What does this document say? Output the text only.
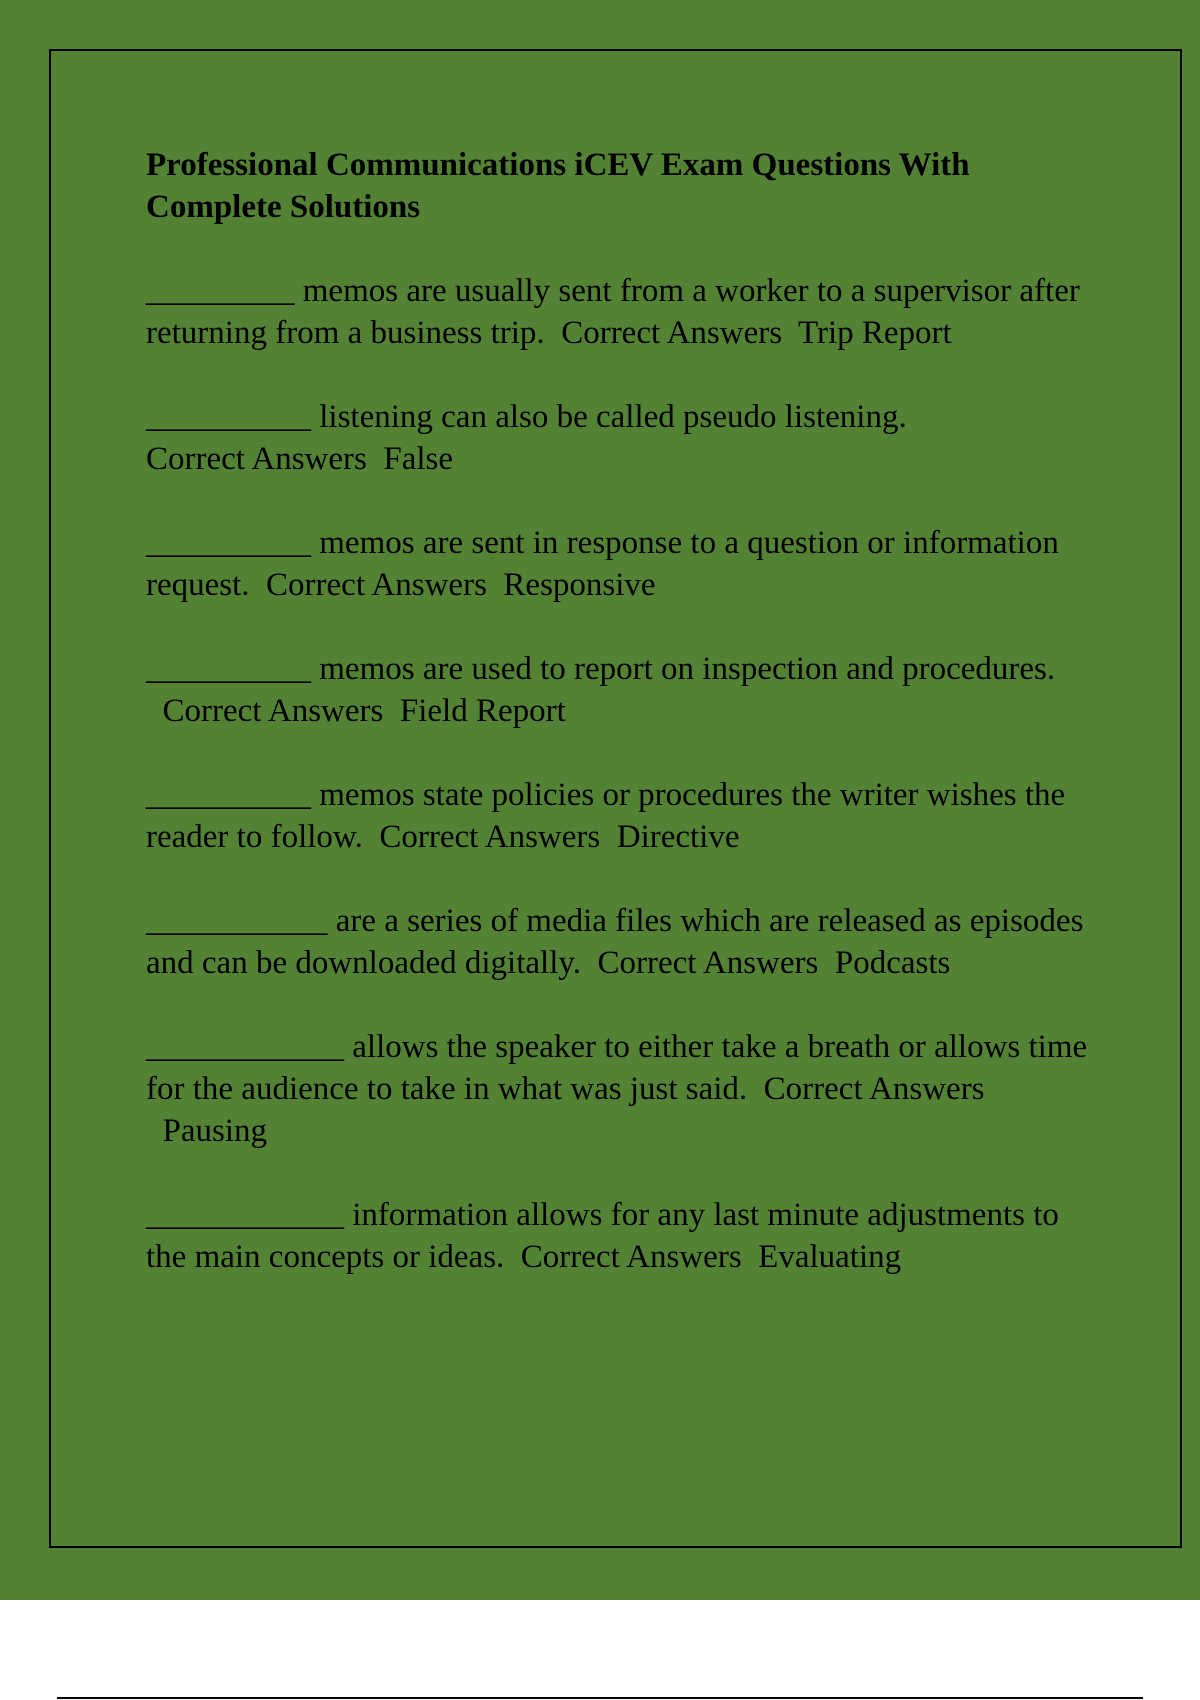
Professional Communications iCEV Exam Questions With Complete Solutions

_________ memos are usually sent from a worker to a supervisor after returning from a business trip. Correct Answers Trip Report

__________ listening can also be called pseudo listening.
Correct Answers False

__________ memos are sent in response to a question or information request. Correct Answers Responsive

__________ memos are used to report on inspection and procedures.  Correct Answers Field Report

__________ memos state policies or procedures the writer wishes the reader to follow. Correct Answers Directive

___________ are a series of media files which are released as episodes and can be downloaded digitally. Correct Answers Podcasts

____________ allows the speaker to either take a breath or allows time for the audience to take in what was just said. Correct Answers  Pausing

____________ information allows for any last minute adjustments to the main concepts or ideas. Correct Answers Evaluating
